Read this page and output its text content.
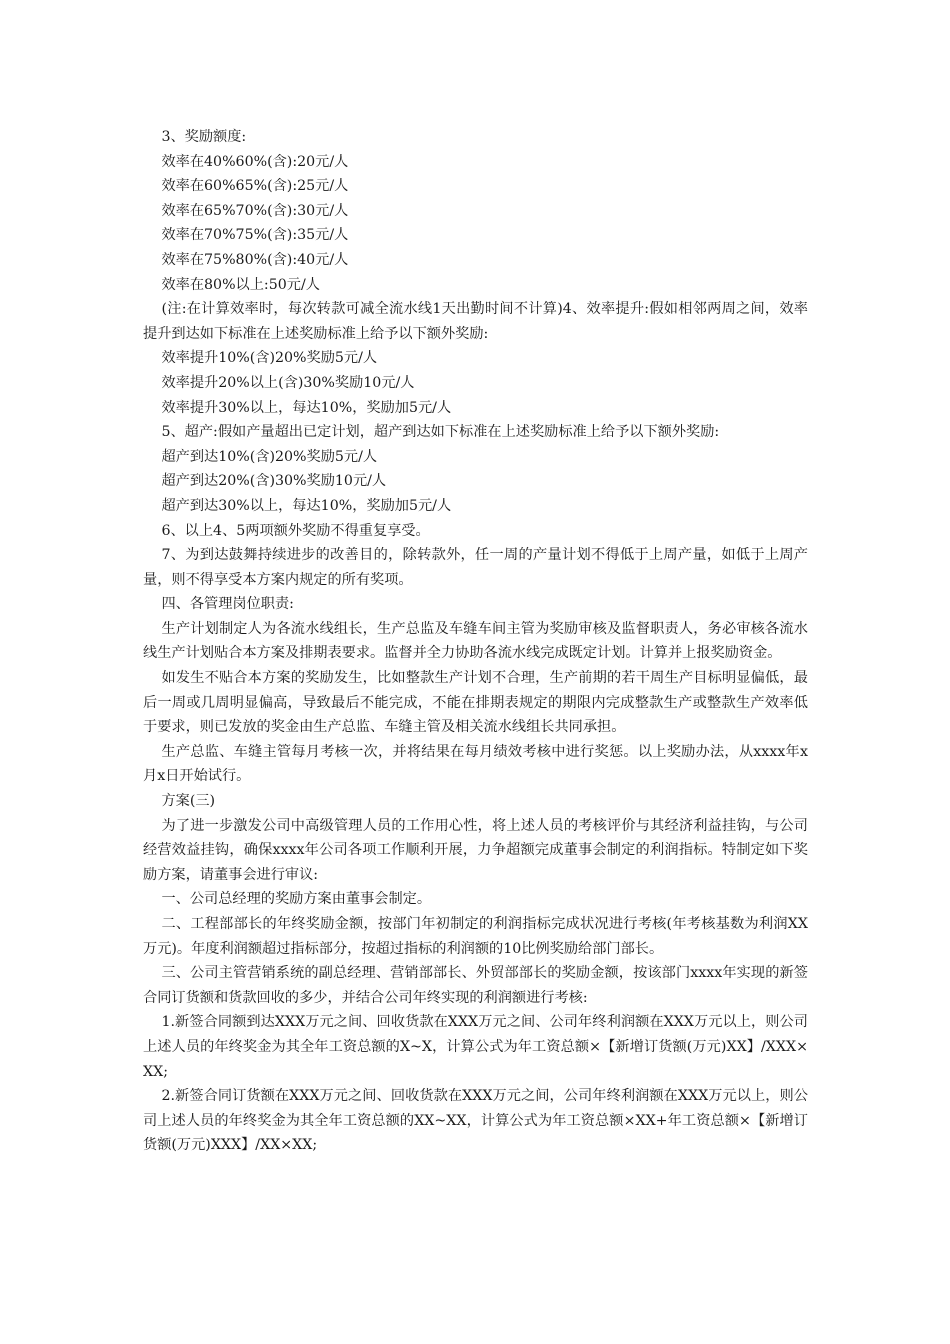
3、奖励额度:

效率在40%60%(含):20元/人

效率在60%65%(含):25元/人

效率在65%70%(含):30元/人

效率在70%75%(含):35元/人

效率在75%80%(含):40元/人

效率在80%以上:50元/人

(注:在计算效率时，每次转款可减全流水线1天出勤时间不计算)4、效率提升:假如相邻两周之间，效率提升到达如下标准在上述奖励标准上给予以下额外奖励:

效率提升10%(含)20%奖励5元/人

效率提升20%以上(含)30%奖励10元/人

效率提升30%以上，每达10%，奖励加5元/人

5、超产:假如产量超出已定计划，超产到达如下标准在上述奖励标准上给予以下额外奖励:

超产到达10%(含)20%奖励5元/人

超产到达20%(含)30%奖励10元/人

超产到达30%以上，每达10%，奖励加5元/人

6、以上4、5两项额外奖励不得重复享受。

7、为到达鼓舞持续进步的改善目的，除转款外，任一周的产量计划不得低于上周产量，如低于上周产量，则不得享受本方案内规定的所有奖项。

四、各管理岗位职责:

生产计划制定人为各流水线组长，生产总监及车缝车间主管为奖励审核及监督职责人，务必审核各流水线生产计划贴合本方案及排期表要求。监督并全力协助各流水线完成既定计划。计算并上报奖励资金。

如发生不贴合本方案的奖励发生，比如整款生产计划不合理，生产前期的若干周生产目标明显偏低，最后一周或几周明显偏高，导致最后不能完成，不能在排期表规定的期限内完成整款生产或整款生产效率低于要求，则已发放的奖金由生产总监、车缝主管及相关流水线组长共同承担。

生产总监、车缝主管每月考核一次，并将结果在每月绩效考核中进行奖惩。以上奖励办法，从xxxx年x月x日开始试行。

方案(三)

为了进一步激发公司中高级管理人员的工作用心性，将上述人员的考核评价与其经济利益挂钩，与公司经营效益挂钩，确保xxxx年公司各项工作顺利开展，力争超额完成董事会制定的利润指标。特制定如下奖励方案，请董事会进行审议:

一、公司总经理的奖励方案由董事会制定。

二、工程部部长的年终奖励金额，按部门年初制定的利润指标完成状况进行考核(年考核基数为利润XX万元)。年度利润额超过指标部分，按超过指标的利润额的10比例奖励给部门部长。

三、公司主管营销系统的副总经理、营销部部长、外贸部部长的奖励金额，按该部门xxxx年实现的新签合同订货额和货款回收的多少，并结合公司年终实现的利润额进行考核:

1.新签合同额到达XXX万元之间、回收货款在XXX万元之间、公司年终利润额在XXX万元以上，则公司上述人员的年终奖金为其全年工资总额的X~X，计算公式为年工资总额×【新增订货额(万元)XX】/XXX×XX;

2.新签合同订货额在XXX万元之间、回收货款在XXX万元之间，公司年终利润额在XXX万元以上，则公司上述人员的年终奖金为其全年工资总额的XX~XX，计算公式为年工资总额×XX+年工资总额×【新增订货额(万元)XXX】/XX×XX;
